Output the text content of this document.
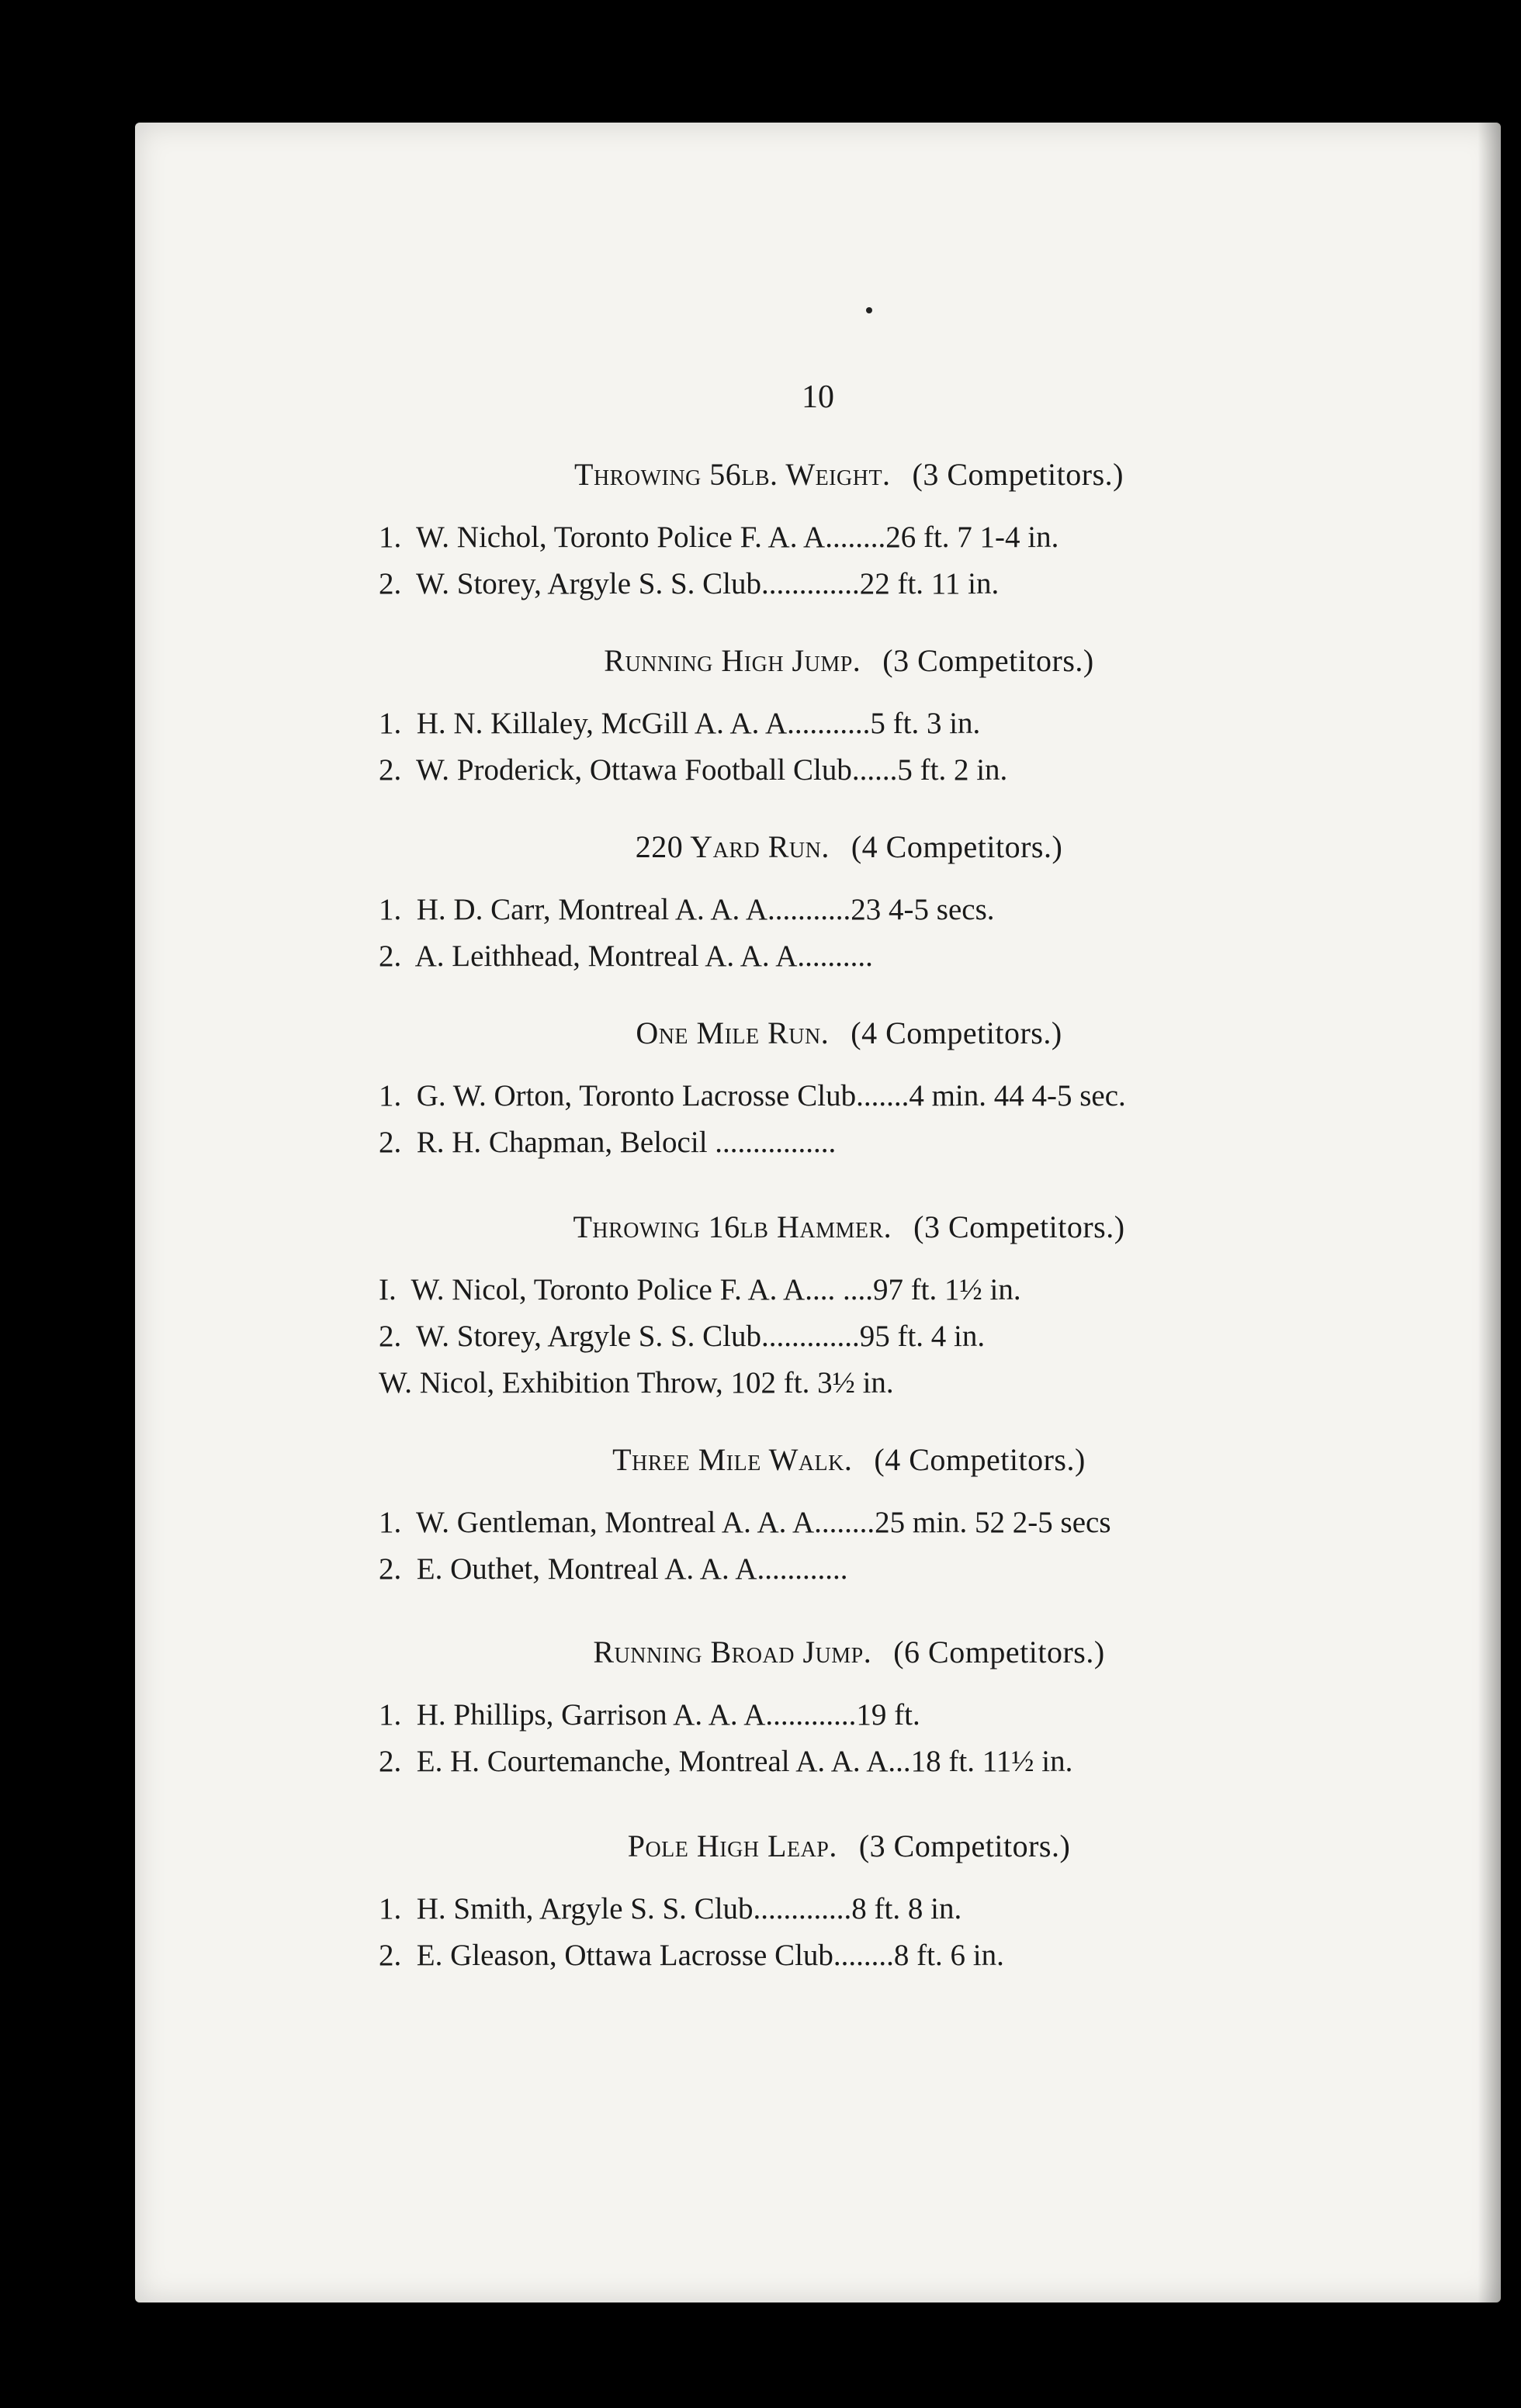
10
Throwing 56lb. Weight. (3 Competitors.)
1.  W. Nichol, Toronto Police F. A. A........26 ft. 7 1-4 in.
2.  W. Storey, Argyle S. S. Club.............22 ft. 11 in.
Running High Jump. (3 Competitors.)
1.  H. N. Killaley, McGill A. A. A...........5 ft. 3 in.
2.  W. Proderick, Ottawa Football Club......5 ft. 2 in.
220 Yard Run. (4 Competitors.)
1.  H. D. Carr, Montreal A. A. A...........23 4-5 secs.
2.  A. Leithhead, Montreal A. A. A..........
One Mile Run. (4 Competitors.)
1.  G. W. Orton, Toronto Lacrosse Club.......4 min. 44 4-5 sec.
2.  R. H. Chapman, Belocil ................
Throwing 16lb Hammer. (3 Competitors.)
I.  W. Nicol, Toronto Police F. A. A.... ....97 ft. 1½ in.
2.  W. Storey, Argyle S. S. Club.............95 ft. 4 in.
W. Nicol, Exhibition Throw, 102 ft. 3½ in.
Three Mile Walk. (4 Competitors.)
1.  W. Gentleman, Montreal A. A. A........25 min. 52 2-5 secs
2.  E. Outhet, Montreal A. A. A............
Running Broad Jump. (6 Competitors.)
1.  H. Phillips, Garrison A. A. A............19 ft.
2.  E. H. Courtemanche, Montreal A. A. A...18 ft. 11½ in.
Pole High Leap. (3 Competitors.)
1.  H. Smith, Argyle S. S. Club.............8 ft. 8 in.
2.  E. Gleason, Ottawa Lacrosse Club........8 ft. 6 in.
